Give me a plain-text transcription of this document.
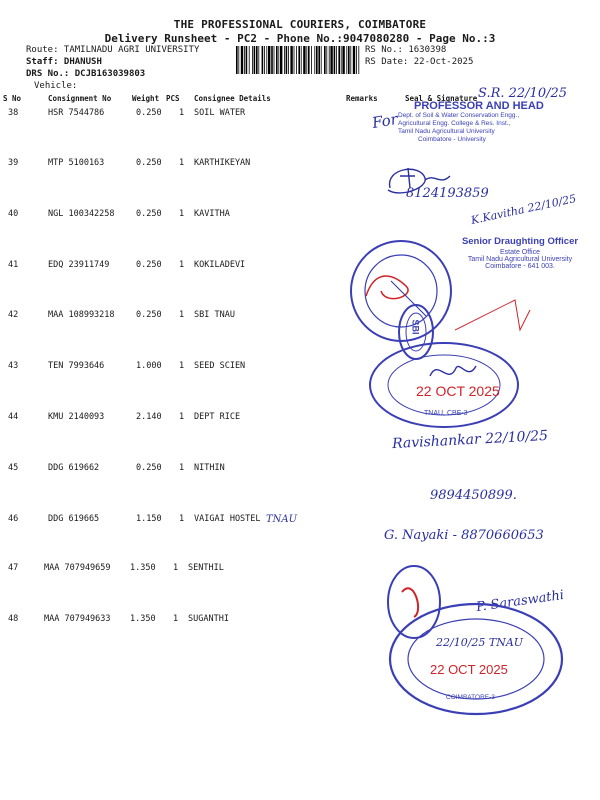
THE PROFESSIONAL COURIERS, COIMBATORE
Delivery Runsheet - PC2 - Phone No.:9047080280 - Page No.:3
Route: TAMILNADU AGRI UNIVERSITY
Staff: DHANUSH
DRS No.: DCJB163039803
Vehicle:
RS No.: 1630398
RS Date: 22-Oct-2025
S No	Consignment No	Weight PCS Consignee Details	Remarks	Seal & Signature
38	HSR 7544786	0.250 1 SOIL WATER
39	MTP 5100163	0.250 1 KARTHIKEYAN
40	NGL 100342258	0.250 1 KAVITHA
41	EDQ 23911749	0.250 1 KOKILADEVI
42	MAA 108993218	0.250 1 SBI TNAU
43	TEN 7993646	1.000 1 SEED SCIEN
44	KMU 2140093	2.140 1 DEPT RICE
45	DDG 619662	0.250 1 NITHIN
46	DDG 619665	1.150 1 VAIGAI HOSTEL
47	MAA 707949659 1.350 1 SENTHIL
48	MAA 707949633 1.350 1 SUGANTHI
S.R. 22/10/25
For
PROFESSOR AND HEAD
Dept. of Soil & Water Conservation Engg.,
Agricultural Engg. College & Res. Inst.,
Tamil Nadu Agricultural University
Coimbatore - University
8124193859
K.Kavitha 22/10/25
Senior Draughting Officer
Estate Office
Tamil Nadu Agricultural University
Coimbatore - 641 003.
SBI
22 OCT 2025
TNAU, CBE-3
Ravishankar 22/10/25
9894450899.
TNAU
G. Nayaki - 8870660653
P. Saraswathi
22/10/25 TNAU
22 OCT 2025
COIMBATORE-3
